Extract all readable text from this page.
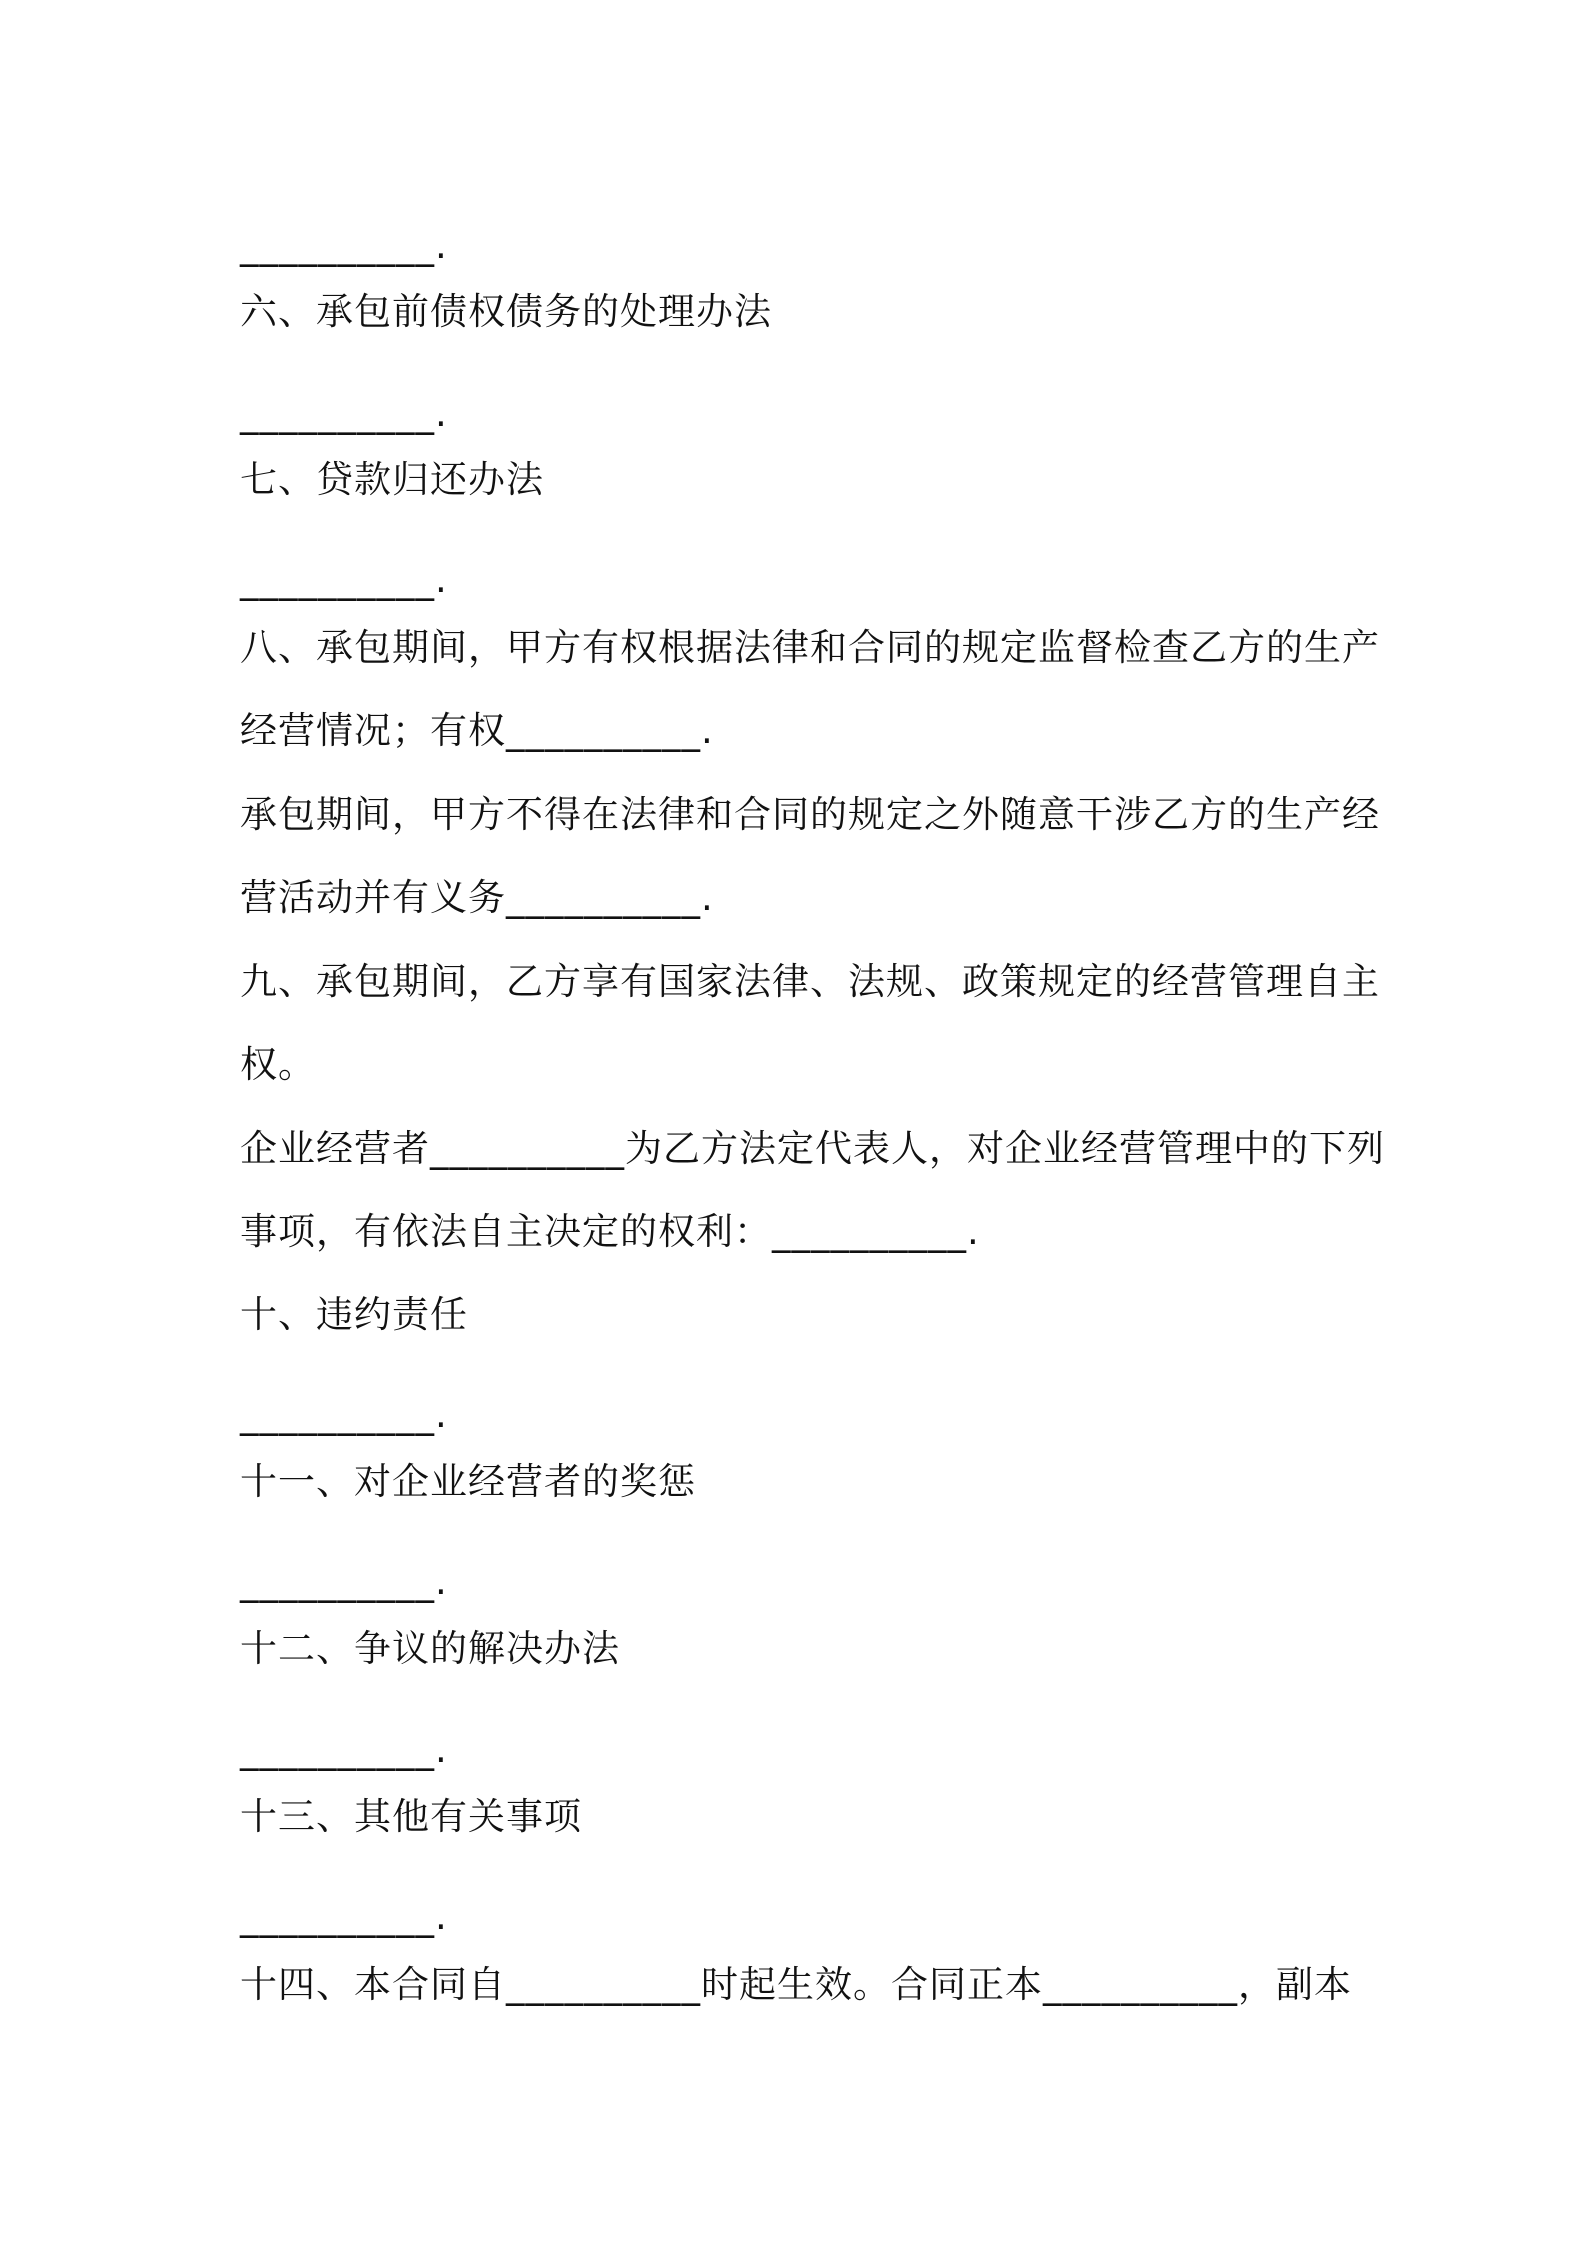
__________.
六、承包前债权债务的处理办法
__________.
七、贷款归还办法
__________.
八、承包期间，甲方有权根据法律和合同的规定监督检查乙方的生产
经营情况；有权__________.
承包期间，甲方不得在法律和合同的规定之外随意干涉乙方的生产经
营活动并有义务__________.
九、承包期间，乙方享有国家法律、法规、政策规定的经营管理自主
权。
企业经营者__________为乙方法定代表人，对企业经营管理中的下列
事项，有依法自主决定的权利：__________.
十、违约责任
__________.
十一、对企业经营者的奖惩
__________.
十二、争议的解决办法
__________.
十三、其他有关事项
__________.
十四、本合同自__________时起生效。合同正本__________，副本
